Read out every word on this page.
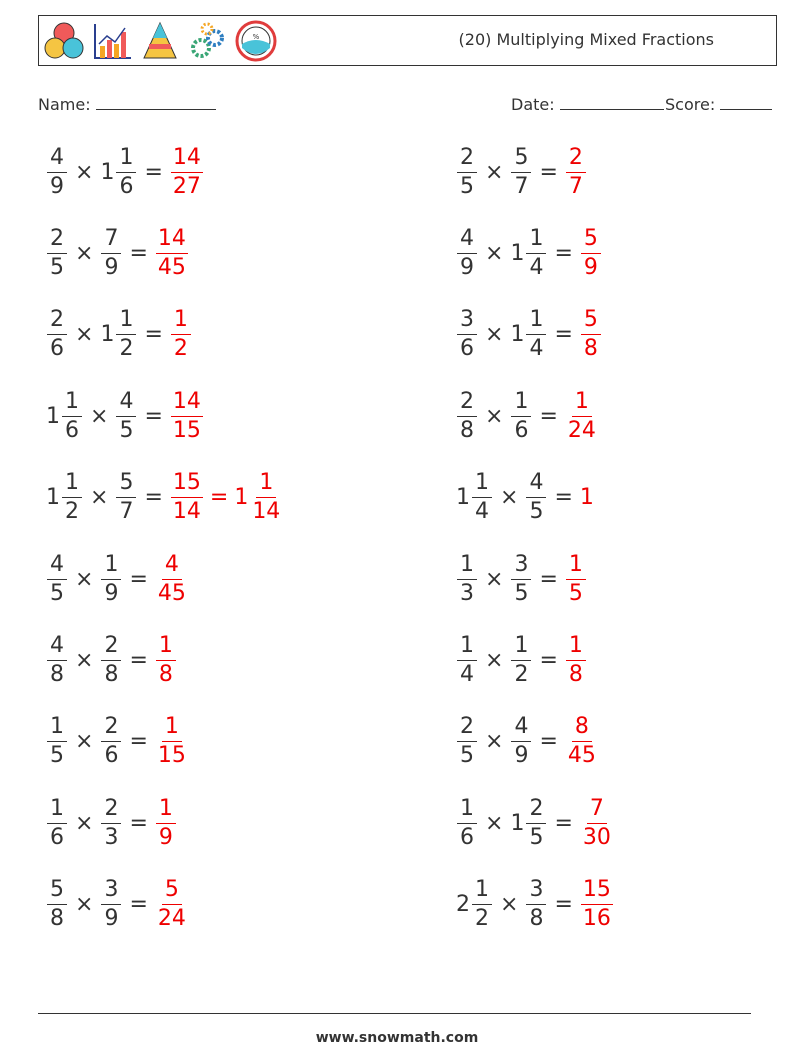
%	(20) Multiplying Mixed Fractions
Name:	Date:	Score:
$\frac{4}{9} \times 1 \frac{1}{6} = \frac{14}{27}$	$\frac{2}{5} \times \frac{5}{7} = \frac{2}{7}$
$\frac{2}{5} \times \frac{7}{9} = \frac{14}{45}$	$\frac{4}{9} \times 1 \frac{1}{4} = \frac{5}{9}$
$\frac{2}{6} \times 1 \frac{1}{2} = \frac{1}{2}$	$\frac{3}{6} \times 1 \frac{1}{4} = \frac{5}{8}$
$1 \frac{1}{6} \times \frac{4}{5} = \frac{14}{15}$	$\frac{2}{8} \times \frac{1}{6} = \frac{1}{24}$
$1 \frac{1}{2} \times \frac{5}{7} = \frac{15}{14} = 1 \frac{1}{14}$	$1 \frac{1}{4} \times \frac{4}{5} = 1$
$\frac{4}{5} \times \frac{1}{9} = \frac{4}{45}$	$\frac{1}{3} \times \frac{3}{5} = \frac{1}{5}$
$\frac{4}{8} \times \frac{2}{8} = \frac{1}{8}$	$\frac{1}{4} \times \frac{1}{2} = \frac{1}{8}$
$\frac{1}{5} \times \frac{2}{6} = \frac{1}{15}$	$\frac{2}{5} \times \frac{4}{9} = \frac{8}{45}$
$\frac{1}{6} \times \frac{2}{3} = \frac{1}{9}$	$\frac{1}{6} \times 1 \frac{2}{5} = \frac{7}{30}$
$\frac{5}{8} \times \frac{3}{9} = \frac{5}{24}$	$2 \frac{1}{2} \times \frac{3}{8} = \frac{15}{16}$
www.snowmath.com
